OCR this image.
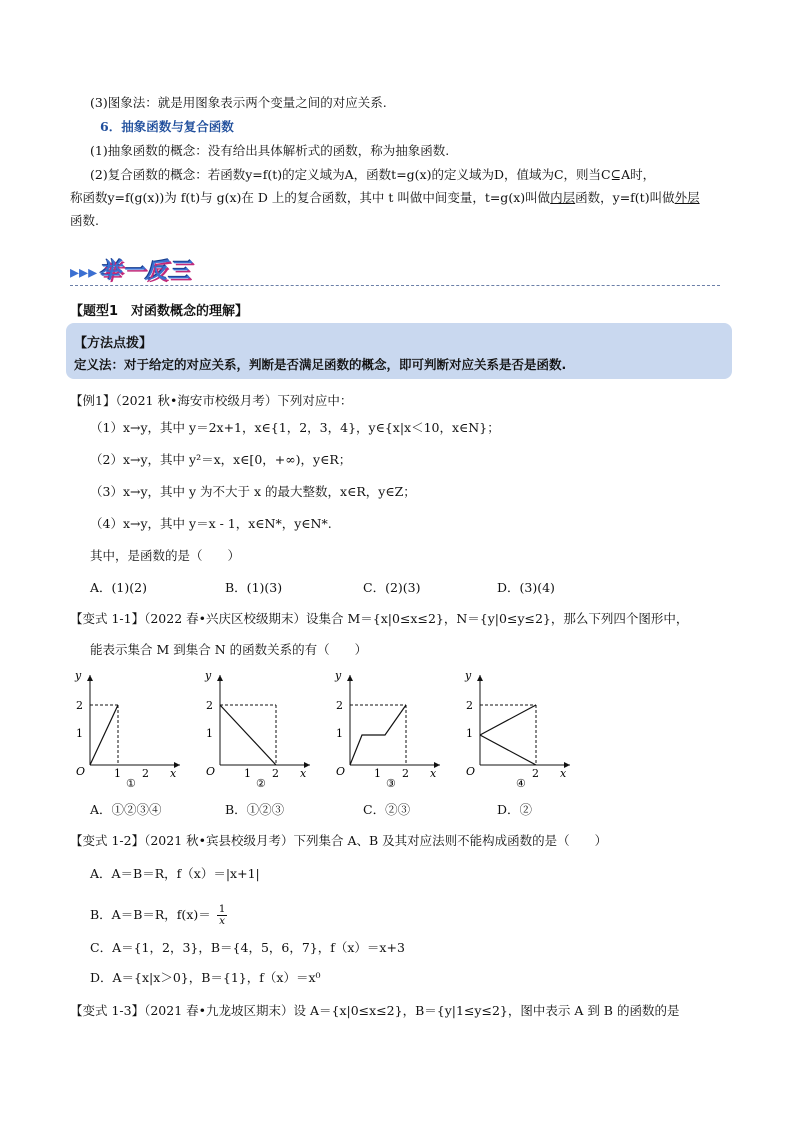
(3)图象法：就是用图象表示两个变量之间的对应关系.
6．抽象函数与复合函数
(1)抽象函数的概念：没有给出具体解析式的函数，称为抽象函数.
(2)复合函数的概念：若函数y=f(t)的定义域为A，函数t=g(x)的定义域为D，值域为C，则当C⊆A时，
称函数y=f(g(x))为 f(t)与 g(x)在 D 上的复合函数，其中 t 叫做中间变量，t=g(x)叫做内层函数，y=f(t)叫做外层
函数.
▸▸▸举一反三
【题型1　对函数概念的理解】
【方法点拨】
定义法：对于给定的对应关系，判断是否满足函数的概念，即可判断对应关系是否是函数.
【例1】（2021 秋•海安市校级月考）下列对应中：
（1）x→y，其中 y＝2x+1，x∈{1，2，3，4}，y∈{x|x＜10，x∈N}；
（2）x→y，其中 y²＝x，x∈[0，+∞)，y∈R；
（3）x→y，其中 y 为不大于 x 的最大整数，x∈R，y∈Z；
（4）x→y，其中 y＝x - 1，x∈N*，y∈N*.
其中，是函数的是（　　）
A．(1)(2)	B．(1)(3)	C．(2)(3)	D．(3)(4)
【变式 1-1】（2022 春•兴庆区校级期末）设集合 M＝{x|0≤x≤2}，N＝{y|0≤y≤2}，那么下列四个图形中，
能表示集合 M 到集合 N 的函数关系的有（　　）
y
2
1
O	1 2 x
①
y
2
1
O	1 2 x
②
y
2
1
O	1 2 x
③
y
2
1
O	2 x
④
A．①②③④	B．①②③	C．②③	D．②
【变式 1-2】（2021 秋•宾县校级月考）下列集合 A、B 及其对应法则不能构成函数的是（　　）
A．A＝B＝R，f（x）＝|x+1|
B．A＝B＝R，$f(x)= \frac{1}{x}$
C．A＝{1，2，3}，B＝{4，5，6，7}，f（x）＝x+3
D．A＝{x|x＞0}，B＝{1}，f（x）＝x⁰
【变式 1-3】（2021 春•九龙坡区期末）设 A＝{x|0≤x≤2}，B＝{y|1≤y≤2}，图中表示 A 到 B 的函数的是
